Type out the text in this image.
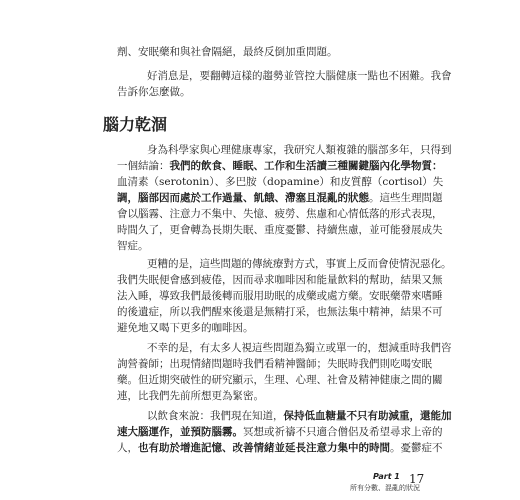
劑、安眠藥和與社會隔絕，最終反倒加重問題。
好消息是，要翻轉這樣的趨勢並管控大腦健康一點也不困難。我會
告訴你怎麼做。
腦力乾涸
身為科學家與心理健康專家，我研究人類複雜的腦部多年，只得到
一個結論：我們的飲食、睡眠、工作和生活讀三種關鍵腦內化學物質：
血清素（serotonin）、多巴胺（dopamine）和皮質醇（cortisol）失
調，腦部因而處於工作過量、飢餓、滯塞且混亂的狀態。這些生理問題
會以腦霧、注意力不集中、失憶、疲勞、焦慮和心情低落的形式表現，
時間久了，更會轉為長期失眠、重度憂鬱、持續焦慮，並可能發展成失
智症。
更糟的是，這些問題的傳統療對方式，事實上反而會使情況惡化。
我們失眠便會感到疲倦，因而尋求咖啡因和能量飲料的幫助，結果又無
法入睡，導致我們最後轉而服用助眠的成藥或處方藥。安眠藥帶來嗜睡
的後遺症，所以我們醒來後還是無精打采，也無法集中精神，結果不可
避免地又喝下更多的咖啡因。
不幸的是，有太多人視這些問題為獨立或單一的，想減重時我們咨
詢營養師；出現情緒問題時我們看精神醫師；失眠時我們則吃喝安眠
藥。但近期突破性的研究顯示，生理、心理、社會及精神健康之間的關
連，比我們先前所想更為緊密。
以飲食來說：我們現在知道，保持低血糖量不只有助減重，還能加
速大腦運作，並預防腦霧。冥想或祈禱不只適合僧侶及希望尋求上帝的
人，也有助於增進記憶、改善情緒並延長注意力集中的時間。憂鬱症不
Part 1
所有分數、混亂的狀況
17
